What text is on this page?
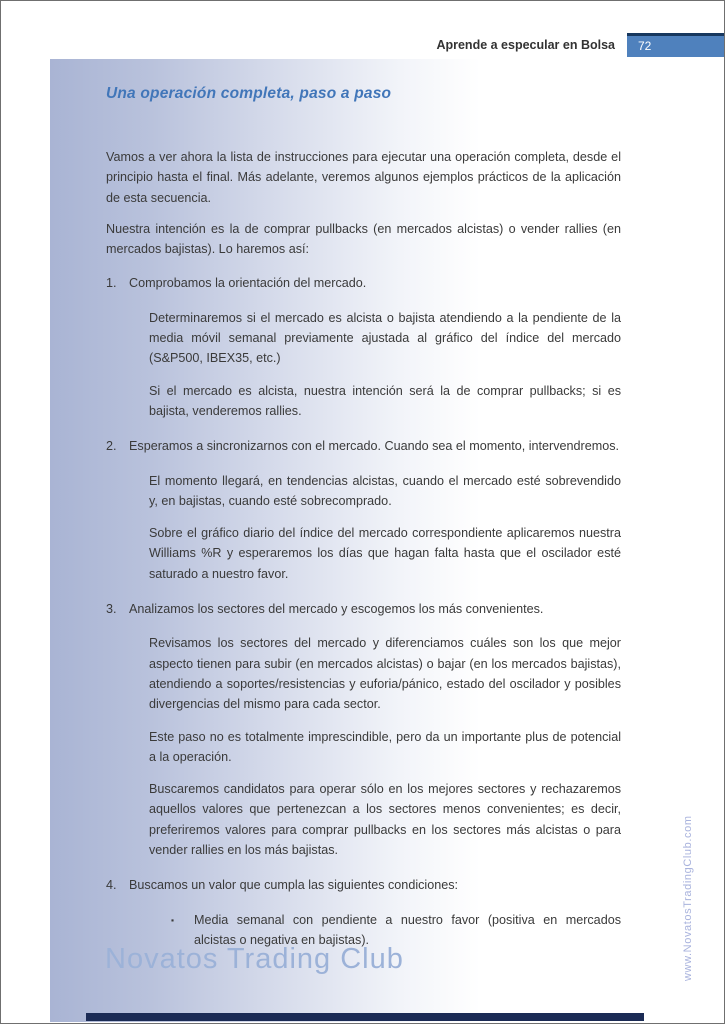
Aprende a especular en Bolsa	72
Una operación completa, paso a paso

Vamos a ver ahora la lista de instrucciones para ejecutar una operación completa, desde el principio hasta el final. Más adelante, veremos algunos ejemplos prácticos de la aplicación de esta secuencia.

Nuestra intención es la de comprar pullbacks (en mercados alcistas) o vender rallies (en mercados bajistas). Lo haremos así:

1. Comprobamos la orientación del mercado.

Determinaremos si el mercado es alcista o bajista atendiendo a la pendiente de la media móvil semanal previamente ajustada al gráfico del índice del mercado (S&P500, IBEX35, etc.)

Si el mercado es alcista, nuestra intención será la de comprar pullbacks; si es bajista, venderemos rallies.

2. Esperamos a sincronizarnos con el mercado. Cuando sea el momento, intervendremos.

El momento llegará, en tendencias alcistas, cuando el mercado esté sobrevendido y, en bajistas, cuando esté sobrecomprado.

Sobre el gráfico diario del índice del mercado correspondiente aplicaremos nuestra Williams %R y esperaremos los días que hagan falta hasta que el oscilador esté saturado a nuestro favor.

3. Analizamos los sectores del mercado y escogemos los más convenientes.

Revisamos los sectores del mercado y diferenciamos cuáles son los que mejor aspecto tienen para subir (en mercados alcistas) o bajar (en los mercados bajistas), atendiendo a soportes/resistencias y euforia/pánico, estado del oscilador y posibles divergencias del mismo para cada sector.

Este paso no es totalmente imprescindible, pero da un importante plus de potencial a la operación.

Buscaremos candidatos para operar sólo en los mejores sectores y rechazaremos aquellos valores que pertenezcan a los sectores menos convenientes; es decir, preferiremos valores para comprar pullbacks en los sectores más alcistas o para vender rallies en los más bajistas.

4. Buscamos un valor que cumpla las siguientes condiciones:
▪	Media semanal con pendiente a nuestro favor (positiva en mercados alcistas o negativa en bajistas).
Novatos Trading Club	www.NovatosTradingClub.com
